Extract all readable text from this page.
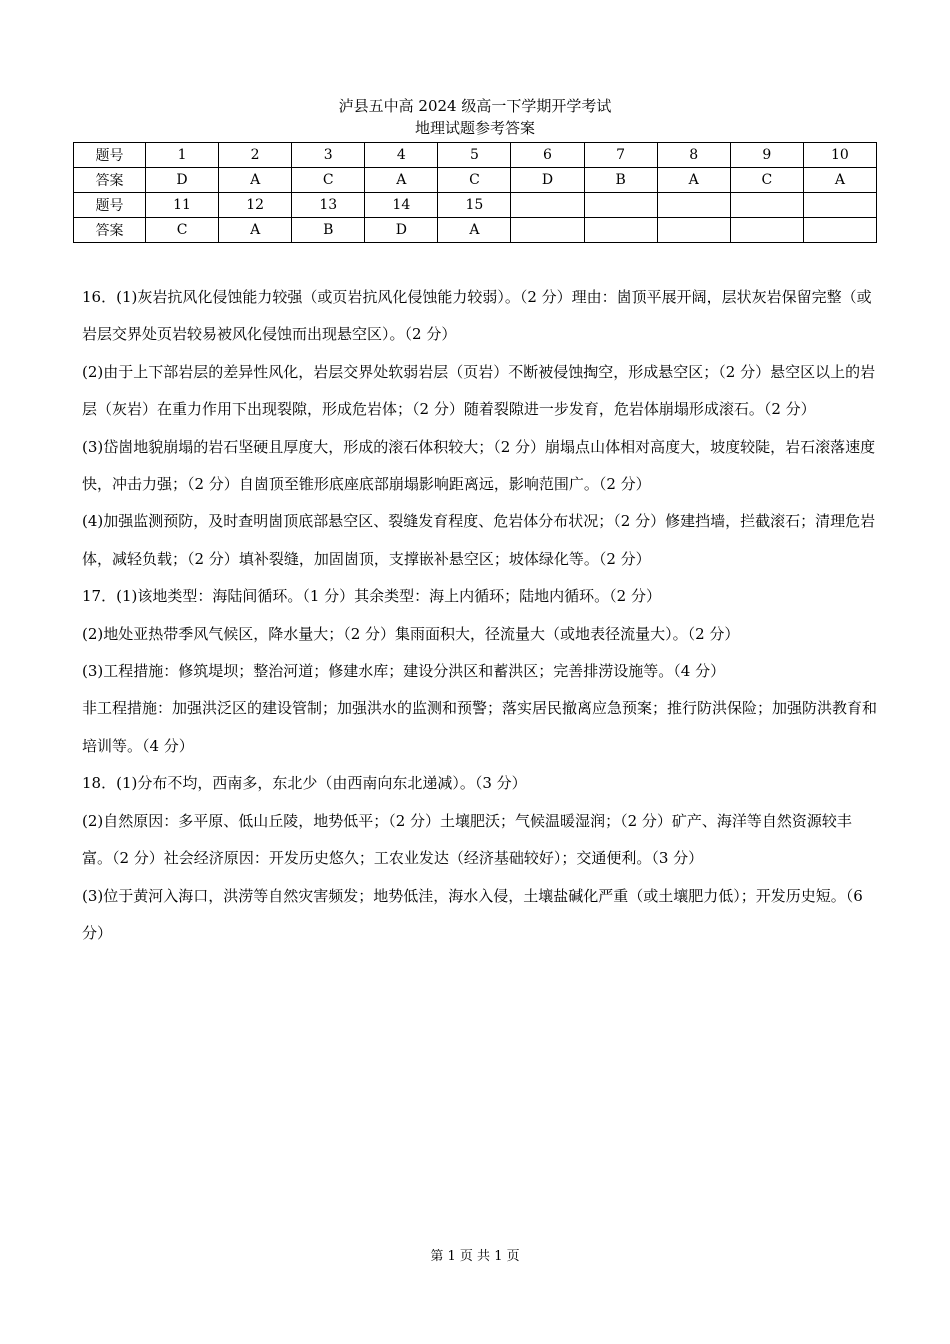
泸县五中高 2024 级高一下学期开学考试
地理试题参考答案
题号	1	2	3	4	5	6	7	8	9	10
答案	D	A	C	A	C	D	B	A	C	A
题号	11	12	13	14	15					
答案	C	A	B	D	A					

16．(1)灰岩抗风化侵蚀能力较强（或页岩抗风化侵蚀能力较弱）。（2 分）理由：崮顶平展开阔，层状灰岩保留完整（或岩层交界处页岩较易被风化侵蚀而出现悬空区）。（2 分）

(2)由于上下部岩层的差异性风化，岩层交界处软弱岩层（页岩）不断被侵蚀掏空，形成悬空区；（2 分）悬空区以上的岩层（灰岩）在重力作用下出现裂隙，形成危岩体；（2 分）随着裂隙进一步发育，危岩体崩塌形成滚石。（2 分）

(3)岱崮地貌崩塌的岩石坚硬且厚度大，形成的滚石体积较大；（2 分）崩塌点山体相对高度大，坡度较陡，岩石滚落速度快，冲击力强；（2 分）自崮顶至锥形底座底部崩塌影响距离远，影响范围广。（2 分）

(4)加强监测预防，及时查明崮顶底部悬空区、裂缝发育程度、危岩体分布状况；（2 分）修建挡墙，拦截滚石；清理危岩体，减轻负载；（2 分）填补裂缝，加固崮顶，支撑嵌补悬空区；坡体绿化等。（2 分）

17．(1)该地类型：海陆间循环。（1 分）其余类型：海上内循环；陆地内循环。（2 分）

(2)地处亚热带季风气候区，降水量大；（2 分）集雨面积大，径流量大（或地表径流量大）。（2 分）

(3)工程措施：修筑堤坝；整治河道；修建水库；建设分洪区和蓄洪区；完善排涝设施等。（4 分）

非工程措施：加强洪泛区的建设管制；加强洪水的监测和预警；落实居民撤离应急预案；推行防洪保险；加强防洪教育和培训等。（4 分）

18．(1)分布不均，西南多，东北少（由西南向东北递减）。（3 分）

(2)自然原因：多平原、低山丘陵，地势低平；（2 分）土壤肥沃；气候温暖湿润；（2 分）矿产、海洋等自然资源较丰富。（2 分）社会经济原因：开发历史悠久；工农业发达（经济基础较好）；交通便利。（3 分）

(3)位于黄河入海口，洪涝等自然灾害频发；地势低洼，海水入侵，土壤盐碱化严重（或土壤肥力低）；开发历史短。（6 分）

第 1 页 共 1 页
